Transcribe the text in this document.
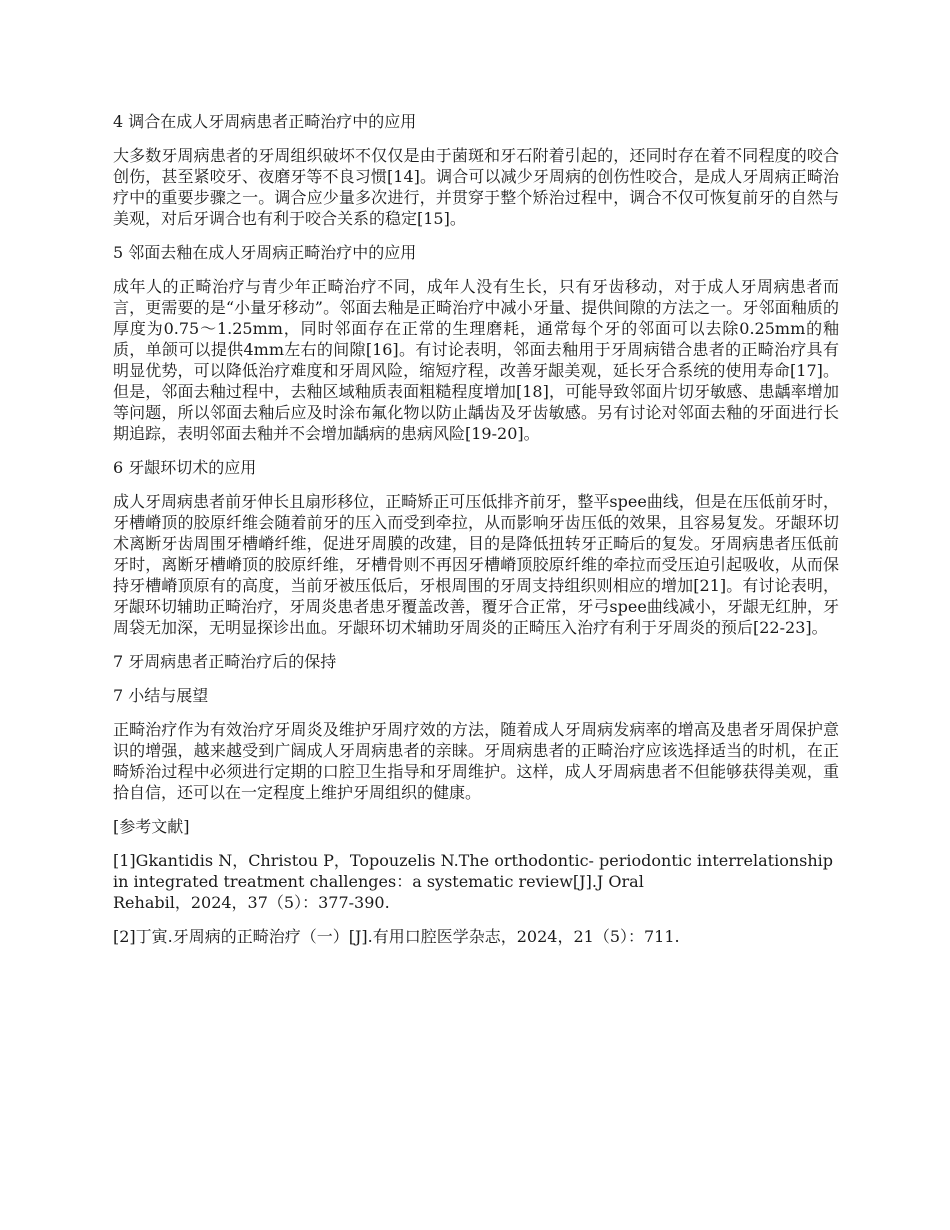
4 调合在成人牙周病患者正畸治疗中的应用

大多数牙周病患者的牙周组织破坏不仅仅是由于菌斑和牙石附着引起的，还同时存在着不同程度的咬合创伤，甚至紧咬牙、夜磨牙等不良习惯[14]。调合可以减少牙周病的创伤性咬合，是成人牙周病正畸治疗中的重要步骤之一。调合应少量多次进行，并贯穿于整个矫治过程中，调合不仅可恢复前牙的自然与美观，对后牙调合也有利于咬合关系的稳定[15]。

5 邻面去釉在成人牙周病正畸治疗中的应用

成年人的正畸治疗与青少年正畸治疗不同，成年人没有生长，只有牙齿移动，对于成人牙周病患者而言，更需要的是“小量牙移动”。邻面去釉是正畸治疗中减小牙量、提供间隙的方法之一。牙邻面釉质的厚度为0.75～1.25mm，同时邻面存在正常的生理磨耗，通常每个牙的邻面可以去除0.25mm的釉质，单颌可以提供4mm左右的间隙[16]。有讨论表明，邻面去釉用于牙周病错合患者的正畸治疗具有明显优势，可以降低治疗难度和牙周风险，缩短疗程，改善牙龈美观，延长牙合系统的使用寿命[17]。但是，邻面去釉过程中，去釉区域釉质表面粗糙程度增加[18]，可能导致邻面片切牙敏感、患龋率增加等问题，所以邻面去釉后应及时涂布氟化物以防止龋齿及牙齿敏感。另有讨论对邻面去釉的牙面进行长期追踪，表明邻面去釉并不会增加龋病的患病风险[19-20]。

6 牙龈环切术的应用

成人牙周病患者前牙伸长且扇形移位，正畸矫正可压低排齐前牙，整平spee曲线，但是在压低前牙时，牙槽嵴顶的胶原纤维会随着前牙的压入而受到牵拉，从而影响牙齿压低的效果，且容易复发。牙龈环切术离断牙齿周围牙槽嵴纤维，促进牙周膜的改建，目的是降低扭转牙正畸后的复发。牙周病患者压低前牙时，离断牙槽嵴顶的胶原纤维，牙槽骨则不再因牙槽嵴顶胶原纤维的牵拉而受压迫引起吸收，从而保持牙槽嵴顶原有的高度，当前牙被压低后，牙根周围的牙周支持组织则相应的增加[21]。有讨论表明，牙龈环切辅助正畸治疗，牙周炎患者患牙覆盖改善，覆牙合正常，牙弓spee曲线减小，牙龈无红肿，牙周袋无加深，无明显探诊出血。牙龈环切术辅助牙周炎的正畸压入治疗有利于牙周炎的预后[22-23]。

7 牙周病患者正畸治疗后的保持

7 小结与展望

正畸治疗作为有效治疗牙周炎及维护牙周疗效的方法，随着成人牙周病发病率的增高及患者牙周保护意识的增强，越来越受到广阔成人牙周病患者的亲睐。牙周病患者的正畸治疗应该选择适当的时机，在正畸矫治过程中必须进行定期的口腔卫生指导和牙周维护。这样，成人牙周病患者不但能够获得美观，重拾自信，还可以在一定程度上维护牙周组织的健康。

[参考文献]

[1]Gkantidis N，Christou P，Topouzelis N.The orthodontic- periodontic interrelationship in integrated treatment challenges：a systematic review[J].J Oral
Rehabil，2024，37（5）：377-390.

[2]丁寅.牙周病的正畸治疗（一）[J].有用口腔医学杂志，2024，21（5）：711.
